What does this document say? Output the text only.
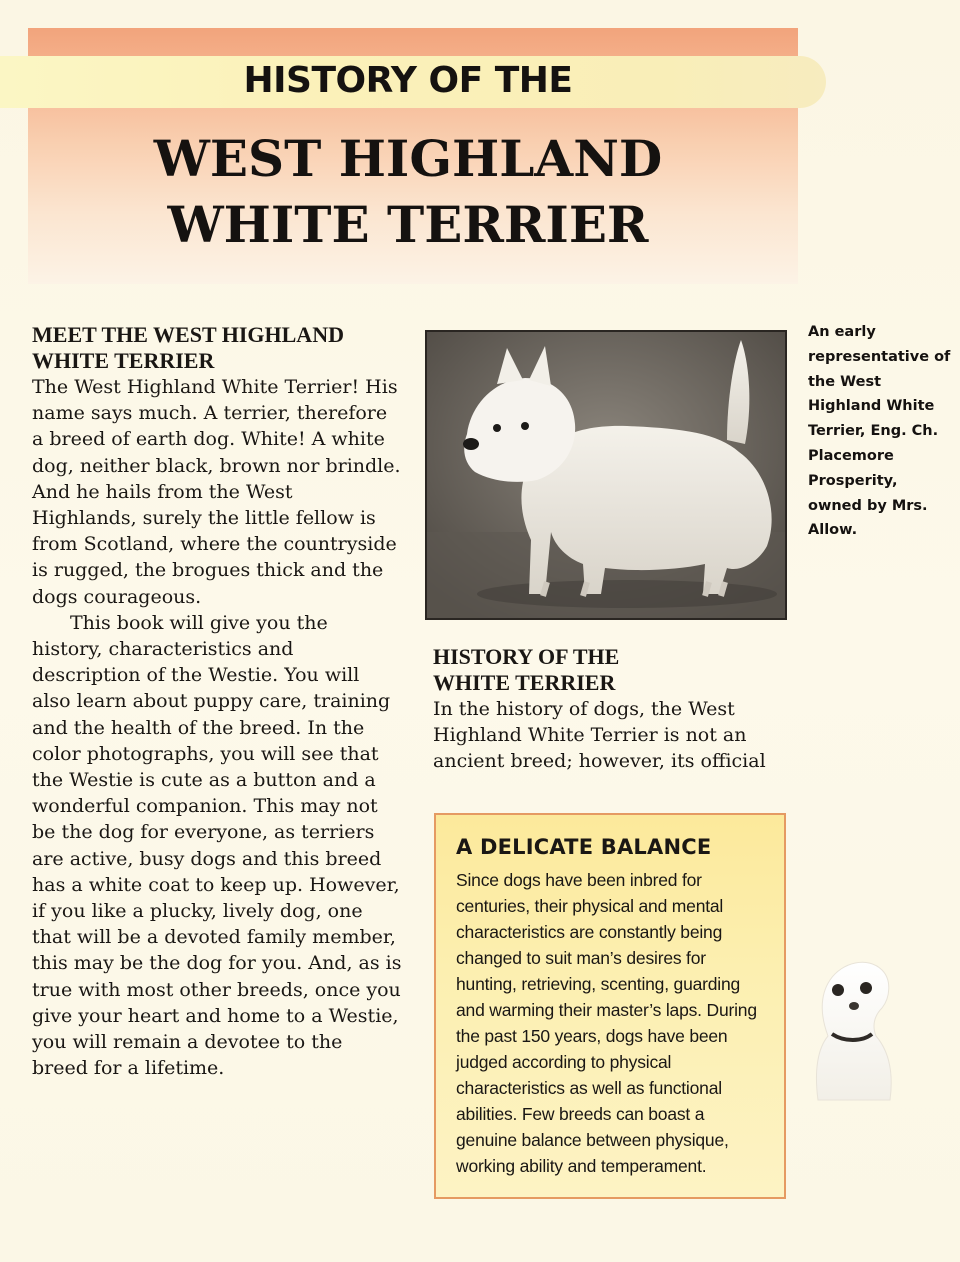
HISTORY OF THE
WEST HIGHLAND
WHITE TERRIER
MEET THE WEST HIGHLAND
WHITE TERRIER

The West Highland White Terrier! His name says much. A terrier, therefore a breed of earth dog. White! A white dog, neither black, brown nor brindle. And he hails from the West Highlands, surely the little fellow is from Scotland, where the countryside is rugged, the brogues thick and the dogs courageous.

This book will give you the history, characteristics and description of the Westie. You will also learn about puppy care, training and the health of the breed. In the color photographs, you will see that the Westie is cute as a button and a wonderful companion. This may not be the dog for everyone, as terriers are active, busy dogs and this breed has a white coat to keep up. However, if you like a plucky, lively dog, one that will be a devoted family member, this may be the dog for you. And, as is true with most other breeds, once you give your heart and home to a Westie, you will remain a devotee to the breed for a lifetime.

An early representative of the West Highland White Terrier, Eng. Ch. Placemore Prosperity, owned by Mrs. Allow.
HISTORY OF THE
WHITE TERRIER

In the history of dogs, the West Highland White Terrier is not an ancient breed; however, its official

A DELICATE BALANCE

Since dogs have been inbred for centuries, their physical and mental characteristics are constantly being changed to suit man’s desires for hunting, retrieving, scenting, guarding and warming their master’s laps. During the past 150 years, dogs have been judged according to physical characteristics as well as functional abilities. Few breeds can boast a genuine balance between physique, working ability and temperament.
